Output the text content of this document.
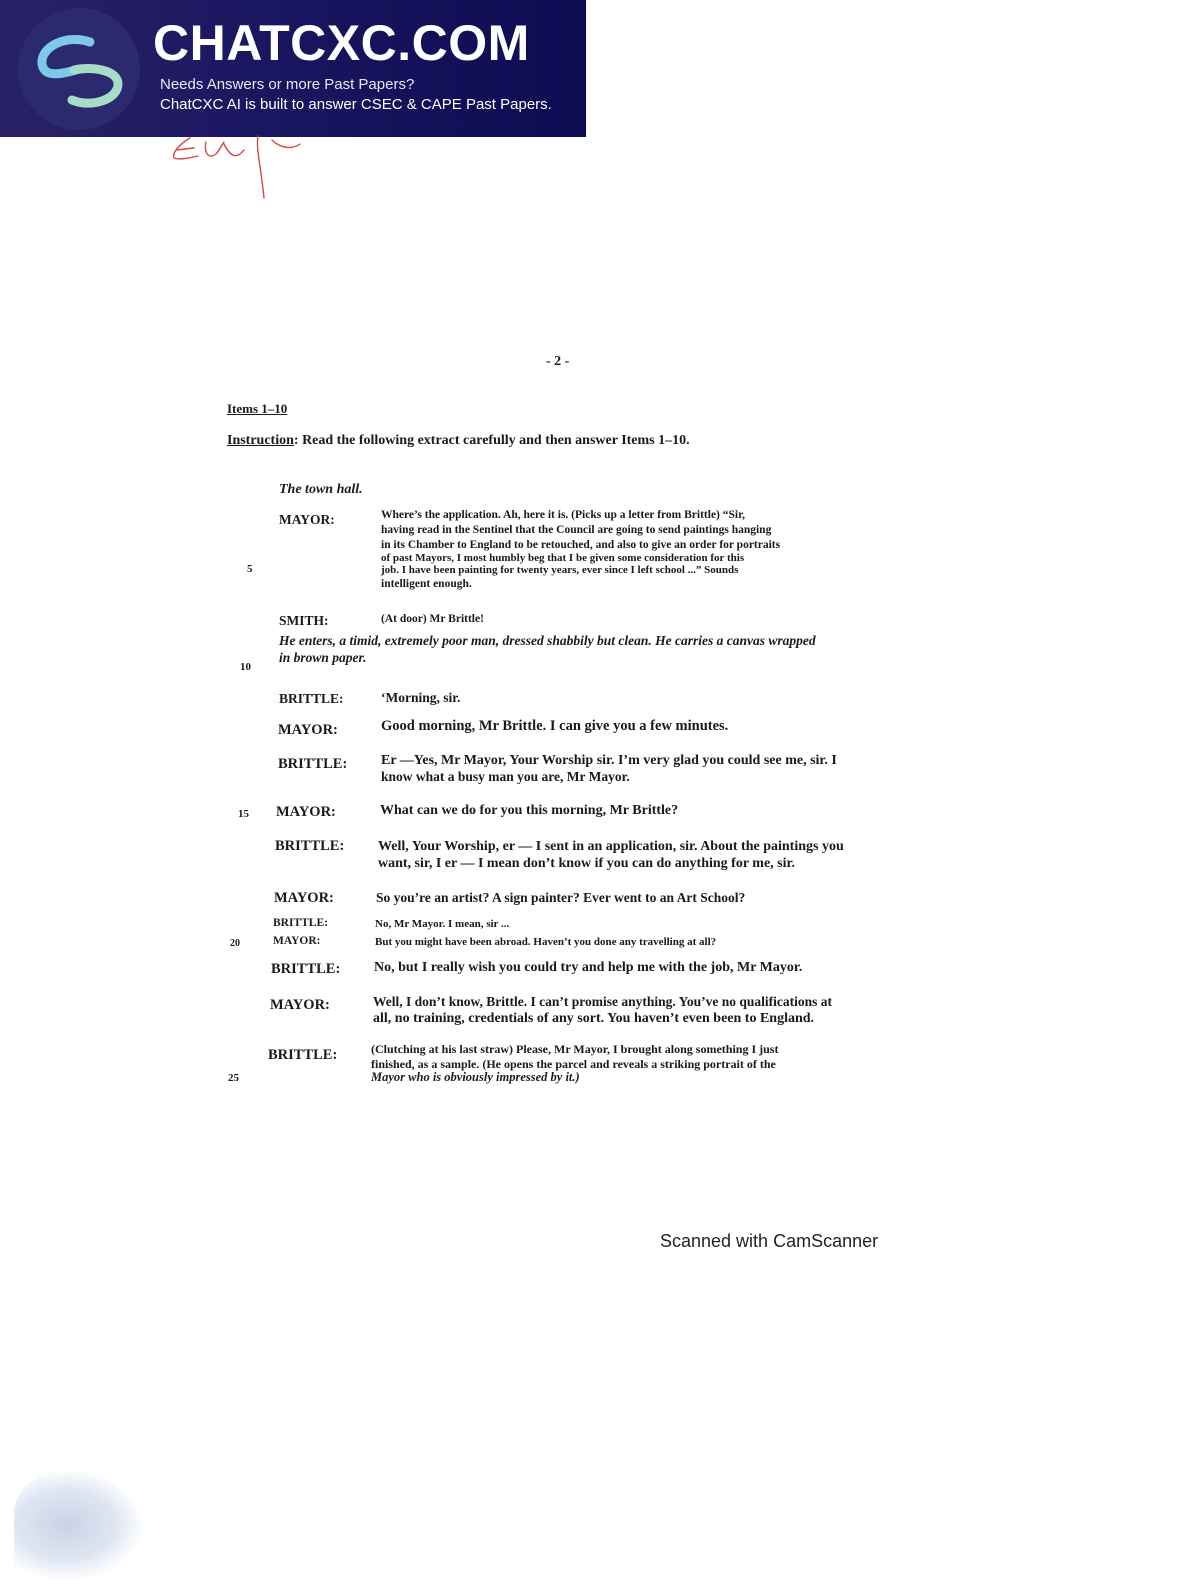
CHATCXC.COM
Needs Answers or more Past Papers?
ChatCXC AI is built to answer CSEC & CAPE Past Papers.
- 2 -
Items 1–10
Instruction: Read the following extract carefully and then answer Items 1–10.
The town hall.
MAYOR:	Where’s the application. Ah, here it is. (Picks up a letter from Brittle) “Sir,
having read in the Sentinel that the Council are going to send paintings hanging
in its Chamber to England to be retouched, and also to give an order for portraits
of past Mayors, I most humbly beg that I be given some consideration for this
job. I have been painting for twenty years, ever since I left school ...” Sounds
intelligent enough.
5
SMITH:	(At door) Mr Brittle!
He enters, a timid, extremely poor man, dressed shabbily but clean. He carries a canvas wrapped
in brown paper.
10
BRITTLE:	‘Morning, sir.
MAYOR:	Good morning, Mr Brittle. I can give you a few minutes.
BRITTLE: Er —Yes, Mr Mayor, Your Worship sir. I’m very glad you could see me, sir. I
know what a busy man you are, Mr Mayor.
15 MAYOR:	What can we do for you this morning, Mr Brittle?
BRITTLE: Well, Your Worship, er — I sent in an application, sir. About the paintings you
want, sir, I er — I mean don’t know if you can do anything for me, sir.
MAYOR:	So you’re an artist? A sign painter? Ever went to an Art School?
BRITTLE:	No, Mr Mayor. I mean, sir ...
20	MAYOR:	But you might have been abroad. Haven’t you done any travelling at all?
BRITTLE: No, but I really wish you could try and help me with the job, Mr Mayor.
MAYOR:	Well, I don’t know, Brittle. I can’t promise anything. You’ve no qualifications at
all, no training, credentials of any sort. You haven’t even been to England.
BRITTLE:	(Clutching at his last straw) Please, Mr Mayor, I brought along something I just
finished, as a sample. (He opens the parcel and reveals a striking portrait of the
Mayor who is obviously impressed by it.)
25
Scanned with CamScanner
